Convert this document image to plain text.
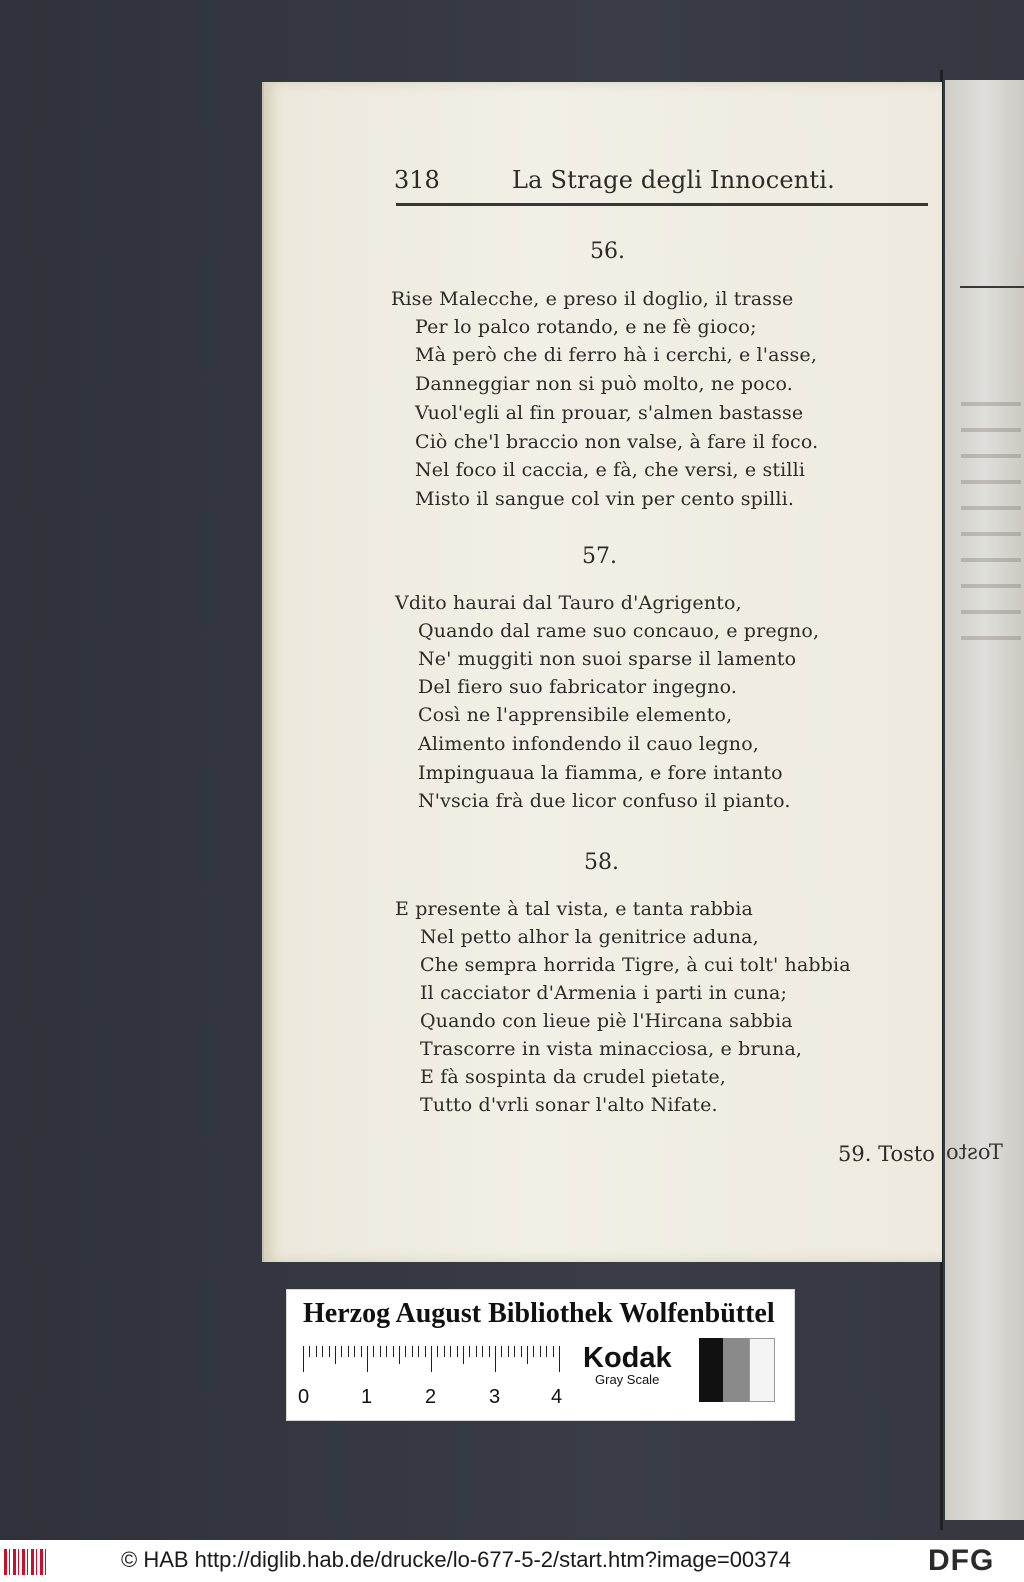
Tosto
318	La Strage degli Innocenti.
56.
Rise Malecche, e preso il doglio, il trasse
Per lo palco rotando, e ne fè gioco;
Mà però che di ferro hà i cerchi, e l'asse,
Danneggiar non si può molto, ne poco.
Vuol'egli al fin prouar, s'almen bastasse
Ciò che'l braccio non valse, à fare il foco.
Nel foco il caccia, e fà, che versi, e stilli
Misto il sangue col vin per cento spilli.
57.
Vdito haurai dal Tauro d'Agrigento,
Quando dal rame suo concauo, e pregno,
Ne' muggiti non suoi sparse il lamento
Del fiero suo fabricator ingegno.
Così ne l'apprensibile elemento,
Alimento infondendo il cauo legno,
Impinguaua la fiamma, e fore intanto
N'vscia frà due licor confuso il pianto.
58.
E presente à tal vista, e tanta rabbia
Nel petto alhor la genitrice aduna,
Che sempra horrida Tigre, à cui tolt' habbia
Il cacciator d'Armenia i parti in cuna;
Quando con lieue piè l'Hircana sabbia
Trascorre in vista minacciosa, e bruna,
E fà sospinta da crudel pietate,
Tutto d'vrli sonar l'alto Nifate.
59. Tosto
Herzog August Bibliothek Wolfenbüttel
0	1	2	3	4
Kodak
Gray Scale
© HAB http://diglib.hab.de/drucke/lo-677-5-2/start.htm?image=00374	DFG
